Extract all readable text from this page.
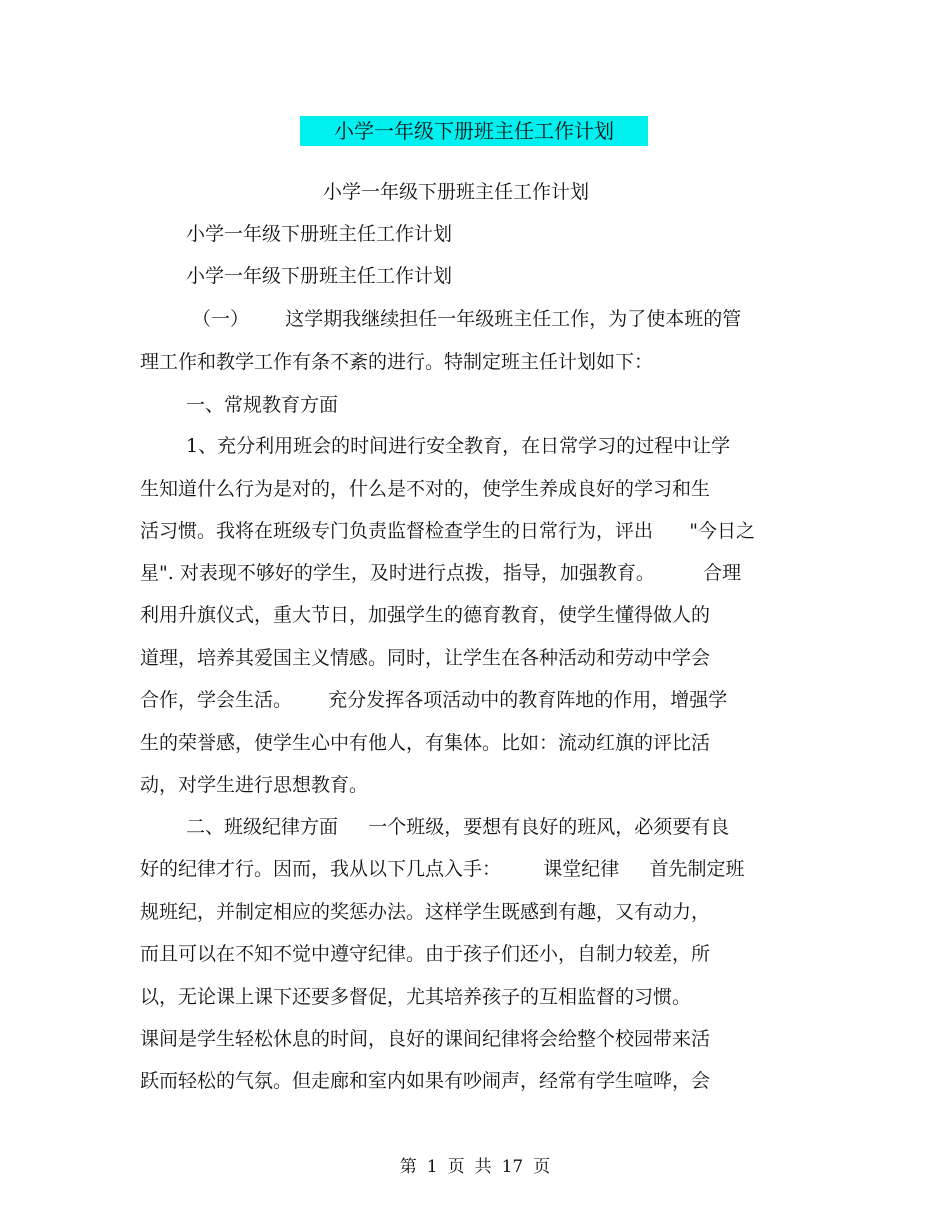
小学一年级下册班主任工作计划
小学一年级下册班主任工作计划
小学一年级下册班主任工作计划
小学一年级下册班主任工作计划
（一）      这学期我继续担任一年级班主任工作，为了使本班的管
理工作和教学工作有条不紊的进行。特制定班主任计划如下：
一、常规教育方面
1、充分利用班会的时间进行安全教育，在日常学习的过程中让学
生知道什么行为是对的，什么是不对的，使学生养成良好的学习和生
活习惯。我将在班级专门负责监督检查学生的日常行为，评出      "今日之
星". 对表现不够好的学生，及时进行点拨，指导，加强教育。        合理
利用升旗仪式，重大节日，加强学生的德育教育，使学生懂得做人的
道理，培养其爱国主义情感。同时，让学生在各种活动和劳动中学会
合作，学会生活。      充分发挥各项活动中的教育阵地的作用，增强学
生的荣誉感，使学生心中有他人，有集体。比如：流动红旗的评比活
动，对学生进行思想教育。
二、班级纪律方面     一个班级，要想有良好的班风，必须要有良
好的纪律才行。因而，我从以下几点入手：       课堂纪律     首先制定班
规班纪，并制定相应的奖惩办法。这样学生既感到有趣，又有动力，
而且可以在不知不觉中遵守纪律。由于孩子们还小，自制力较差，所
以，无论课上课下还要多督促，尤其培养孩子的互相监督的习惯。
课间是学生轻松休息的时间，良好的课间纪律将会给整个校园带来活
跃而轻松的气氛。但走廊和室内如果有吵闹声，经常有学生喧哗，会
第 1 页 共 17 页
